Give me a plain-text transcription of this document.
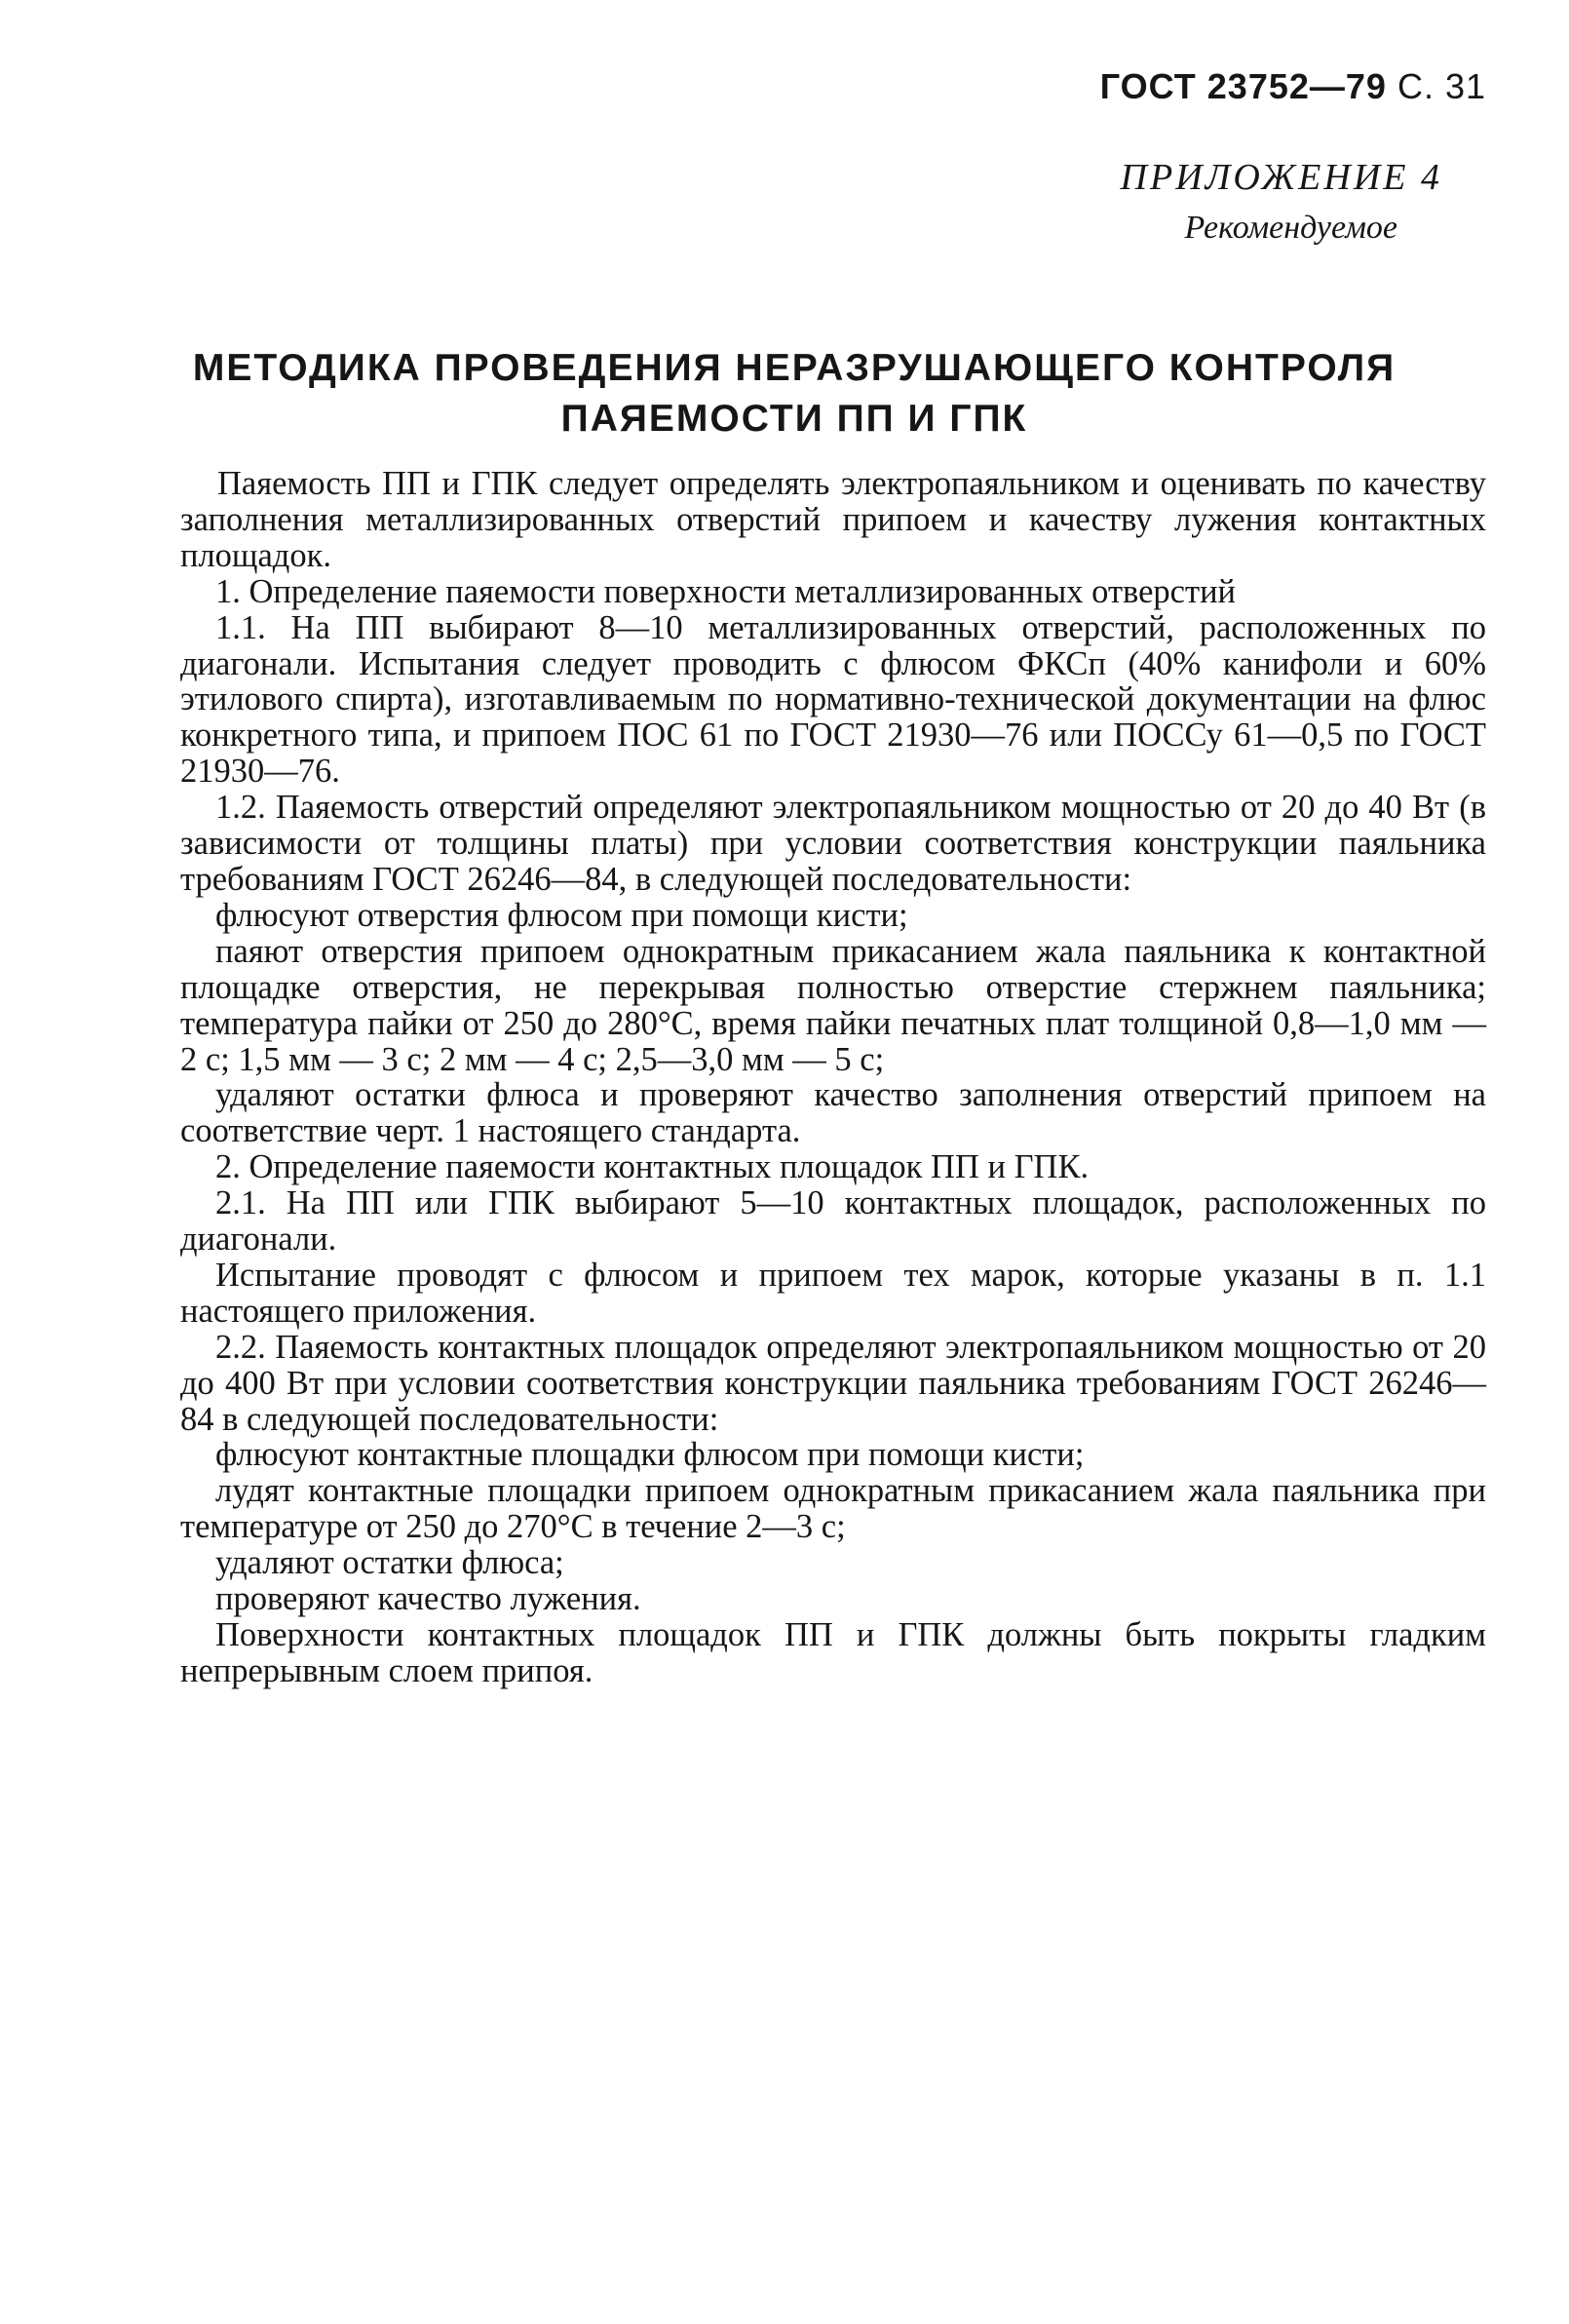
ГОСТ 23752—79 С. 31
ПРИЛОЖЕНИЕ 4
Рекомендуемое
МЕТОДИКА ПРОВЕДЕНИЯ НЕРАЗРУШАЮЩЕГО КОНТРОЛЯ
ПАЯЕМОСТИ ПП И ГПК

Паяемость ПП и ГПК следует определять электропаяльником и оценивать по качеству заполнения металлизированных отверстий припоем и качеству лужения контактных площадок.

1. Определение паяемости поверхности металлизированных отверстий

1.1. На ПП выбирают 8—10 металлизированных отверстий, расположенных по диагонали. Испытания следует проводить с флюсом ФКСп (40% канифоли и 60% этилового спирта), изготавливаемым по нормативно-технической документации на флюс конкретного типа, и припоем ПОС 61 по ГОСТ 21930—76 или ПОССу 61—0,5 по ГОСТ 21930—76.

1.2. Паяемость отверстий определяют электропаяльником мощностью от 20 до 40 Вт (в зависимости от толщины платы) при условии соответствия конструкции паяльника требованиям ГОСТ 26246—84, в следующей последовательности:

флюсуют отверстия флюсом при помощи кисти;

паяют отверстия припоем однократным прикасанием жала паяльника к контактной площадке отверстия, не перекрывая полностью отверстие стержнем паяльника; температура пайки от 250 до 280°С, время пайки печатных плат толщиной 0,8—1,0 мм — 2 с; 1,5 мм — 3 с; 2 мм — 4 с; 2,5—3,0 мм — 5 с;

удаляют остатки флюса и проверяют качество заполнения отверстий припоем на соответствие черт. 1 настоящего стандарта.

2. Определение паяемости контактных площадок ПП и ГПК.

2.1. На ПП или ГПК выбирают 5—10 контактных площадок, расположенных по диагонали.

Испытание проводят с флюсом и припоем тех марок, которые указаны в п. 1.1 настоящего приложения.

2.2. Паяемость контактных площадок определяют электропаяльником мощностью от 20 до 400 Вт при условии соответствия конструкции паяльника требованиям ГОСТ 26246—84 в следующей последовательности:

флюсуют контактные площадки флюсом при помощи кисти;

лудят контактные площадки припоем однократным прикасанием жала паяльника при температуре от 250 до 270°С в течение 2—3 с;

удаляют остатки флюса;

проверяют качество лужения.

Поверхности контактных площадок ПП и ГПК должны быть покрыты гладким непрерывным слоем припоя.
